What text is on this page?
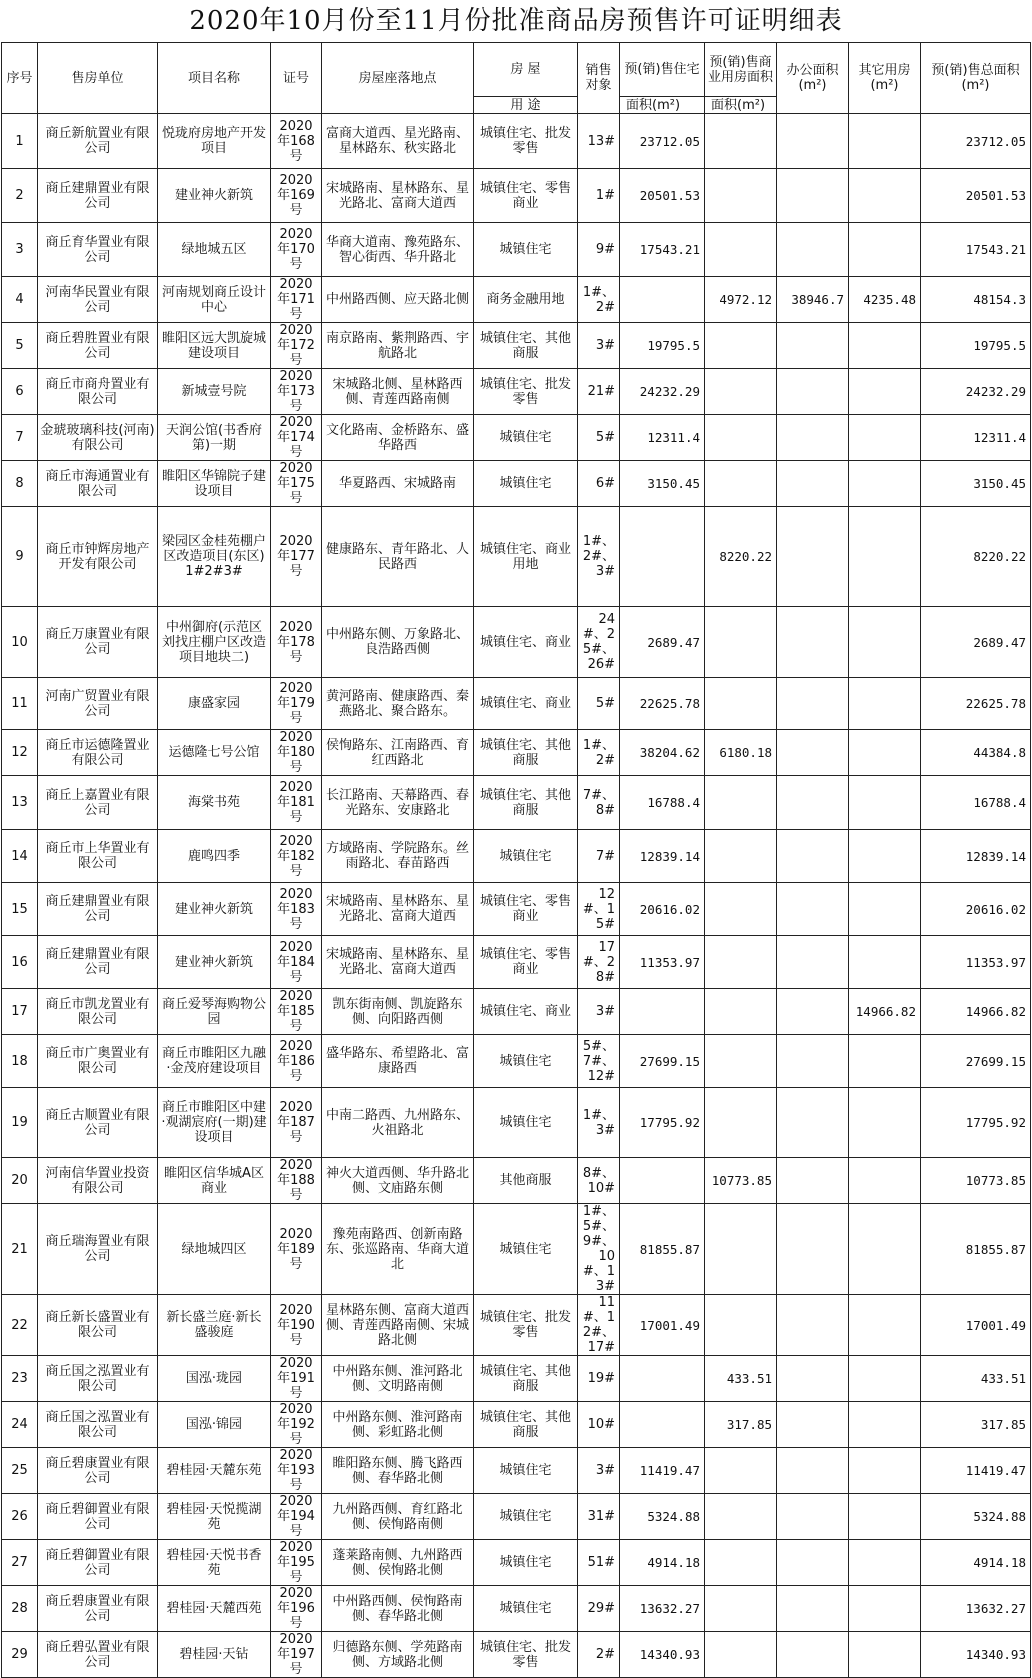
2020年10月份至11月份批准商品房预售许可证明细表
序号	售房单位	项目名称	证号	房屋座落地点	房 屋	销售对象	预(销)售住宅	预(销)售商业用房面积	办公面积(m²)	其它用房(m²)	预(销)售总面积(m²)
					用 途		面积(m²)	面积(m²)			
1	商丘新航置业有限公司	悦珑府房地产开发项目	2020年168号	富商大道西、星光路南、星林路东、秋实路北	城镇住宅、批发零售	13#	23712.05				23712.05
2	商丘建鼎置业有限公司	建业神火新筑	2020年169号	宋城路南、星林路东、星光路北、富商大道西	城镇住宅、零售商业	1#	20501.53				20501.53
3	商丘育华置业有限公司	绿地城五区	2020年170号	华商大道南、豫苑路东、智心街西、华升路北	城镇住宅	9#	17543.21				17543.21
4	河南华民置业有限公司	河南规划商丘设计中心	2020年171号	中州路西侧、应天路北侧	商务金融用地	1#、2#		4972.12	38946.7	4235.48	48154.3
5	商丘碧胜置业有限公司	睢阳区远大凯旋城建设项目	2020年172号	南京路南、紫荆路西、宇航路北	城镇住宅、其他商服	3#	19795.5				19795.5
6	商丘市商舟置业有限公司	新城壹号院	2020年173号	宋城路北侧、星林路西侧、青莲西路南侧	城镇住宅、批发零售	21#	24232.29				24232.29
7	金琥玻璃科技(河南)有限公司	天润公馆(书香府第)一期	2020年174号	文化路南、金桥路东、盛华路西	城镇住宅	5#	12311.4				12311.4
8	商丘市海通置业有限公司	睢阳区华锦院子建设项目	2020年175号	华夏路西、宋城路南	城镇住宅	6#	3150.45				3150.45
9	商丘市钟辉房地产开发有限公司	梁园区金桂苑棚户区改造项目(东区)1#2#3#	2020年177号	健康路东、青年路北、人民路西	城镇住宅、商业用地	1#、2#、3#		8220.22			8220.22
10	商丘万康置业有限公司	中州御府(示范区刘找庄棚户区改造项目地块二)	2020年178号	中州路东侧、万象路北、良浩路西侧	城镇住宅、商业	24#、25#、26#	2689.47				2689.47
11	河南广贸置业有限公司	康盛家园	2020年179号	黄河路南、健康路西、秦燕路北、聚合路东。	城镇住宅、商业	5#	22625.78				22625.78
12	商丘市运德隆置业有限公司	运德隆七号公馆	2020年180号	侯恂路东、江南路西、育红西路北	城镇住宅、其他商服	1#、2#	38204.62	6180.18			44384.8
13	商丘上嘉置业有限公司	海棠书苑	2020年181号	长江路南、天幕路西、春光路东、安康路北	城镇住宅、其他商服	7#、8#	16788.4				16788.4
14	商丘市上华置业有限公司	鹿鸣四季	2020年182号	方域路南、学院路东。丝雨路北、春苗路西	城镇住宅	7#	12839.14				12839.14
15	商丘建鼎置业有限公司	建业神火新筑	2020年183号	宋城路南、星林路东、星光路北、富商大道西	城镇住宅、零售商业	12#、15#	20616.02				20616.02
16	商丘建鼎置业有限公司	建业神火新筑	2020年184号	宋城路南、星林路东、星光路北、富商大道西	城镇住宅、零售商业	17#、28#	11353.97				11353.97
17	商丘市凯龙置业有限公司	商丘爱琴海购物公园	2020年185号	凯东街南侧、凯旋路东侧、向阳路西侧	城镇住宅、商业	3#				14966.82	14966.82
18	商丘市广奥置业有限公司	商丘市睢阳区九融·金茂府建设项目	2020年186号	盛华路东、希望路北、富康路西	城镇住宅	5#、7#、12#	27699.15				27699.15
19	商丘古顺置业有限公司	商丘市睢阳区中建·观湖宸府(一期)建设项目	2020年187号	中南二路西、九州路东、火祖路北	城镇住宅	1#、3#	17795.92				17795.92
20	河南信华置业投资有限公司	睢阳区信华城A区商业	2020年188号	神火大道西侧、华升路北侧、文庙路东侧	其他商服	8#、10#		10773.85			10773.85
21	商丘瑞海置业有限公司	绿地城四区	2020年189号	豫苑南路西、创新南路东、张巡路南、华商大道北	城镇住宅	1#、5#、9#、10#、13#	81855.87				81855.87
22	商丘新长盛置业有限公司	新长盛兰庭·新长盛骏庭	2020年190号	星林路东侧、富商大道西侧、青莲西路南侧、宋城路北侧	城镇住宅、批发零售	11#、12#、17#	17001.49				17001.49
23	商丘国之泓置业有限公司	国泓·珑园	2020年191号	中州路东侧、淮河路北侧、文明路南侧	城镇住宅、其他商服	19#		433.51			433.51
24	商丘国之泓置业有限公司	国泓·锦园	2020年192号	中州路东侧、淮河路南侧、彩虹路北侧	城镇住宅、其他商服	10#		317.85			317.85
25	商丘碧康置业有限公司	碧桂园·天麓东苑	2020年193号	睢阳路东侧、腾飞路西侧、春华路北侧	城镇住宅	3#	11419.47				11419.47
26	商丘碧御置业有限公司	碧桂园·天悦揽湖苑	2020年194号	九州路西侧、育红路北侧、侯恂路南侧	城镇住宅	31#	5324.88				5324.88
27	商丘碧御置业有限公司	碧桂园·天悦书香苑	2020年195号	蓬莱路南侧、九州路西侧、侯恂路北侧	城镇住宅	51#	4914.18				4914.18
28	商丘碧康置业有限公司	碧桂园·天麓西苑	2020年196号	中州路西侧、侯恂路南侧、春华路北侧	城镇住宅	29#	13632.27				13632.27
29	商丘碧弘置业有限公司	碧桂园·天钻	2020年197号	归德路东侧、学苑路南侧、方域路北侧	城镇住宅、批发零售	2#	14340.93				14340.93
